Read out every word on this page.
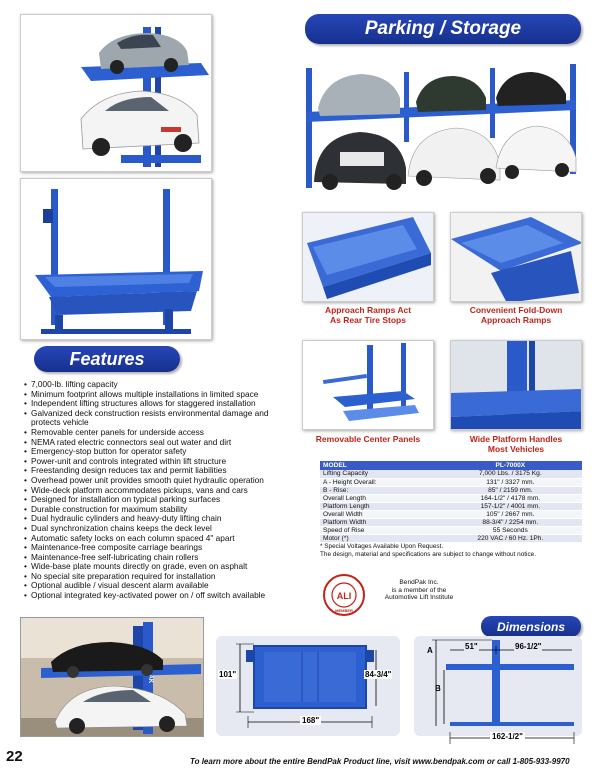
Parking / Storage
Approach Ramps Act
As Rear Tire Stops
Convenient Fold-Down
Approach Ramps
Removable Center Panels	Wide Platform Handles
Most Vehicles
Features
• 7,000-lb. lifting capacity
• Minimum footprint allows multiple installations in limited space
• Independent lifting structures allows for staggered installation
• Galvanized deck construction resists environmental damage and protects vehicle
• Removable center panels for underside access
• NEMA rated electric connectors seal out water and dirt
• Emergency-stop button for operator safety
• Power-unit and controls integrated within lift structure
• Freestanding design reduces tax and permit liabilities
• Overhead power unit provides smooth quiet hydraulic operation
• Wide-deck platform accommodates pickups, vans and cars
• Designed for installation on typical parking surfaces
• Durable construction for maximum stability
• Dual hydraulic cylinders and heavy-duty lifting chain
• Dual synchronization chains keeps the deck level
• Automatic safety locks on each column spaced 4" apart
• Maintenance-free composite carriage bearings
• Maintenance-free self-lubricating chain rollers
• Wide-base plate mounts directly on grade, even on asphalt
• No special site preparation required for installation
• Optional audible / visual descent alarm available
• Optional integrated key-activated power on / off switch available
MODEL	PL-7000X
Lifting Capacity	7,000 Lbs. / 3175 Kg.
A - Height Overall:	131" / 3327 mm.
B - Rise:	85" / 2159 mm.
Overall Length	164-1/2" / 4178 mm.
Platform Length	157-1/2" / 4001 mm.
Overall Width	105" / 2667 mm.
Platform Width	88-3/4" / 2254 mm.
Speed of Rise	55 Seconds
Motor (*)	220 VAC / 60 Hz. 1Ph.
* Special Voltages Available Upon Request.
The design, material and specifications are subject to change without notice.
ALI
MEMBER
BendPak Inc.
is a member of the
Automotive Lift Institute
Dimensions
101"	84-3/4"
168"
A
B
51"	96-1/2"
162-1/2"
22	To learn more about the entire BendPak Product line, visit www.bendpak.com or call 1-805-933-9970
